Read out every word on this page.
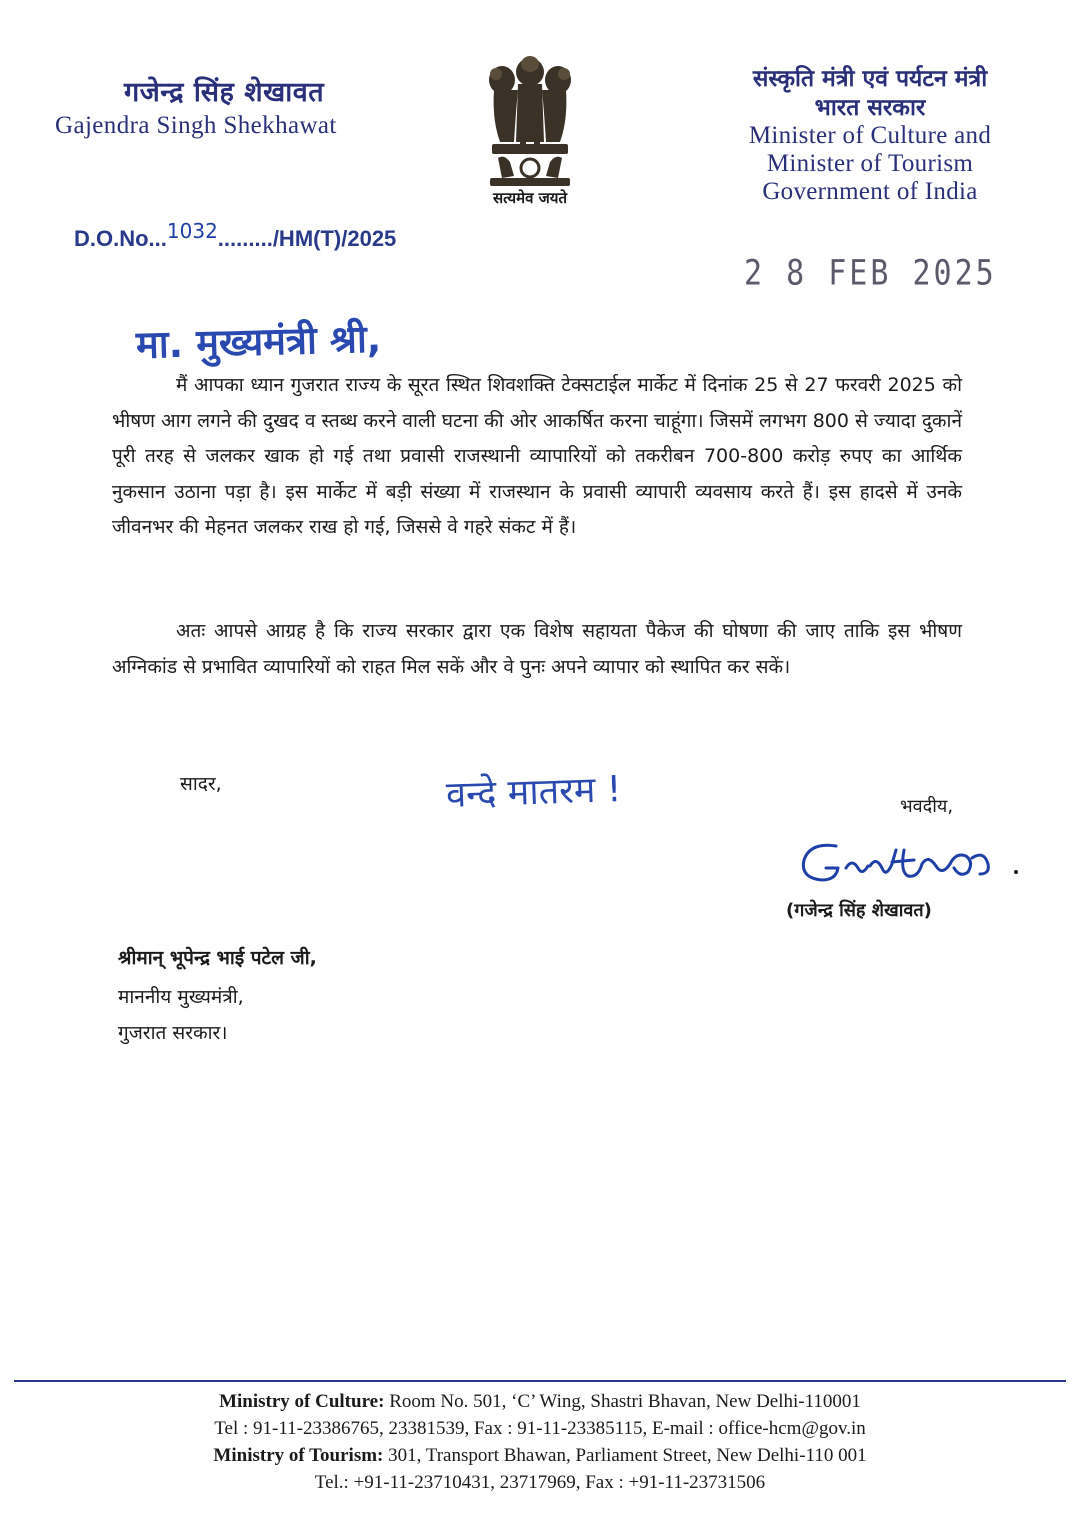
गजेन्द्र सिंह शेखावत
Gajendra Singh Shekhawat
सत्यमेव जयते
संस्कृति मंत्री एवं पर्यटन मंत्री
भारत सरकार
Minister of Culture and
Minister of Tourism
Government of India
D.O.No...1032........./HM(T)/2025
2 8 FEB 2025
मा. मुख्यमंत्री श्री,

मैं आपका ध्यान गुजरात राज्य के सूरत स्थित शिवशक्ति टेक्सटाईल मार्केट में दिनांक 25 से 27 फरवरी 2025 को भीषण आग लगने की दुखद व स्तब्ध करने वाली घटना की ओर आकर्षित करना चाहूंगा। जिसमें लगभग 800 से ज्यादा दुकानें पूरी तरह से जलकर खाक हो गई तथा प्रवासी राजस्थानी व्यापारियों को तकरीबन 700-800 करोड़ रुपए का आर्थिक नुकसान उठाना पड़ा है। इस मार्केट में बड़ी संख्या में राजस्थान के प्रवासी व्यापारी व्यवसाय करते हैं। इस हादसे में उनके जीवनभर की मेहनत जलकर राख हो गई, जिससे वे गहरे संकट में हैं।

अतः आपसे आग्रह है कि राज्य सरकार द्वारा एक विशेष सहायता पैकेज की घोषणा की जाए ताकि इस भीषण अग्निकांड से प्रभावित व्यापारियों को राहत मिल सकें और वे पुनः अपने व्यापार को स्थापित कर सकें।

सादर,	वन्दे मातरम !	भवदीय,
(गजेन्द्र सिंह शेखावत)
श्रीमान् भूपेन्द्र भाई पटेल जी,
माननीय मुख्यमंत्री,
गुजरात सरकार।
Ministry of Culture: Room No. 501, ‘C’ Wing, Shastri Bhavan, New Delhi-110001
Tel : 91-11-23386765, 23381539, Fax : 91-11-23385115, E-mail : office-hcm@gov.in
Ministry of Tourism: 301, Transport Bhawan, Parliament Street, New Delhi-110 001
Tel.: +91-11-23710431, 23717969, Fax : +91-11-23731506
